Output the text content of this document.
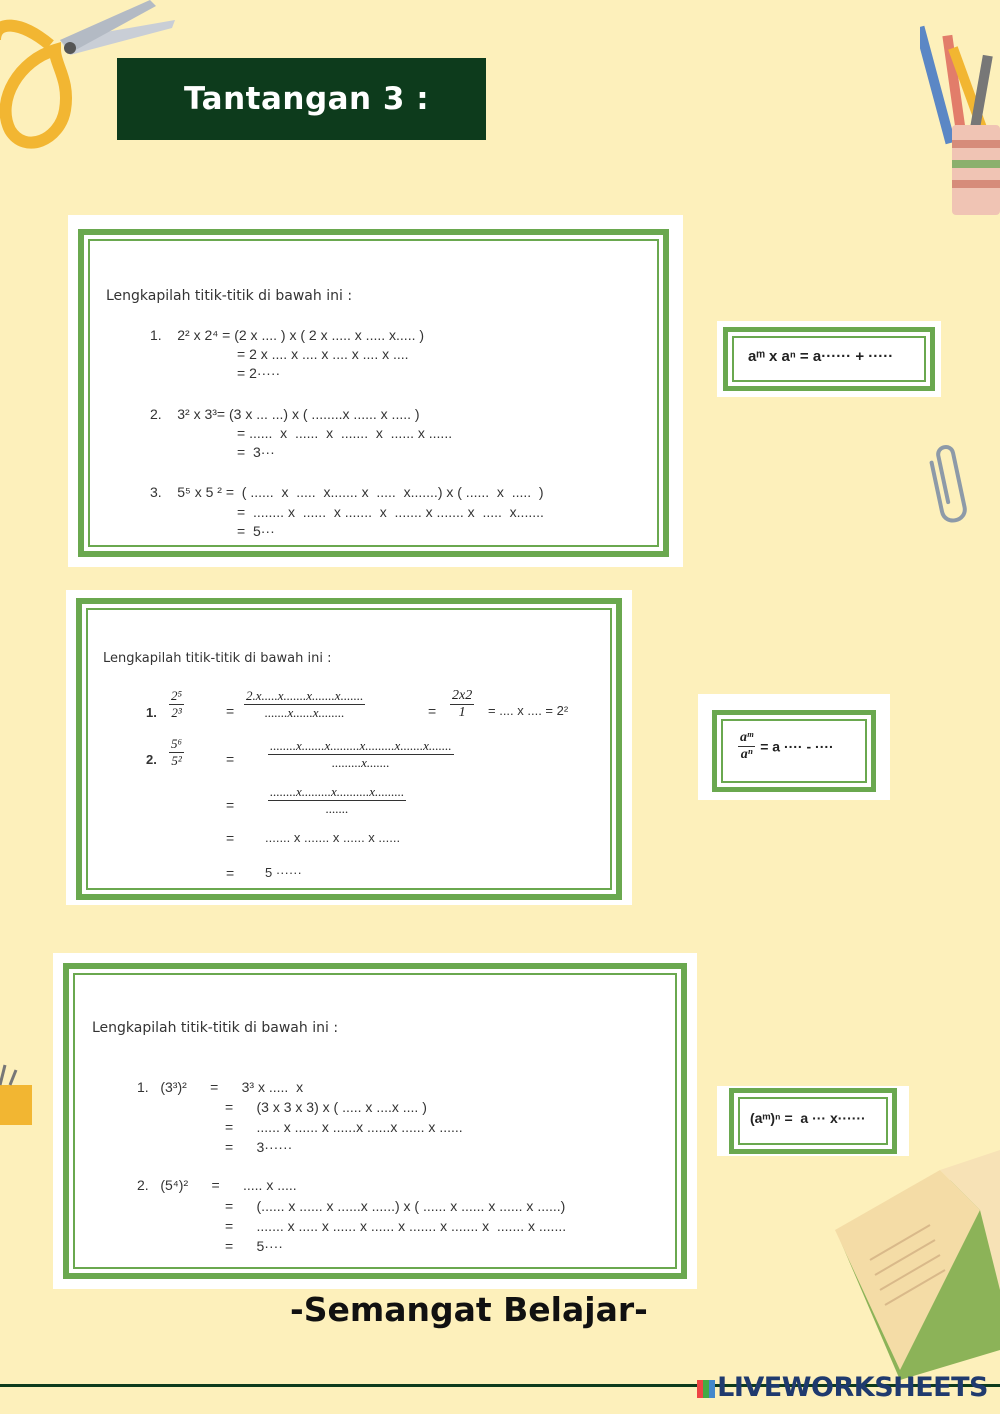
Tantangan 3 :
Lengkapilah titik-titik di bawah ini :
1.    2² x 2⁴ = (2 x .... ) x ( 2 x ..... x ..... x..... )
= 2 x .... x .... x .... x .... x ....
= 2·····
2.    3² x 3³= (3 x ... ...) x ( ........x ...... x ..... )
= ......  x  ......  x  .......  x  ...... x ......
=  3···
3.    5⁵ x 5 ² =  ( ......  x  .....  x....... x  .....  x.......) x ( ......  x  .....  )
=  ........ x  ......  x .......  x  ....... x ....... x  .....  x.......
=  5···
aᵐ x aⁿ = a······ + ·····
Lengkapilah titik-titik di bawah ini :
1. $\frac{\text{2⁵}}{\text{2³}}$	= $\frac{2.x.....x.......x.......x.......}{.......x......x........}$	= $\frac{2x2}{1}$ = .... x .... = 2²
2. $\frac{\text{5⁶}}{\text{5²}}$	=	$\frac{........x.......x.........x.........x.......x.......}{.........x.......}$
=	$\frac{........x.........x..........x.........}{.......}$
= ....... x ....... x ...... x ......
= 5 ······
$\frac{\text{aᵐ}}{\text{aⁿ}} = a$ ···· - ····
Lengkapilah titik-titik di bawah ini :
1.   (3³)²      =      3³ x .....  x
=      (3 x 3 x 3) x ( ..... x ....x .... )
=      ...... x ...... x ......x ......x ...... x ......
=      3······
2.   (5⁴)²      =      ..... x .....
=      (...... x ...... x ......x ......) x ( ...... x ...... x ...... x ......)
=      ....... x ..... x ...... x ...... x ....... x ....... x  ....... x .......
=      5····
(aᵐ)ⁿ =  a ··· x······
-Semangat Belajar-
LIVEWORKSHEETS
